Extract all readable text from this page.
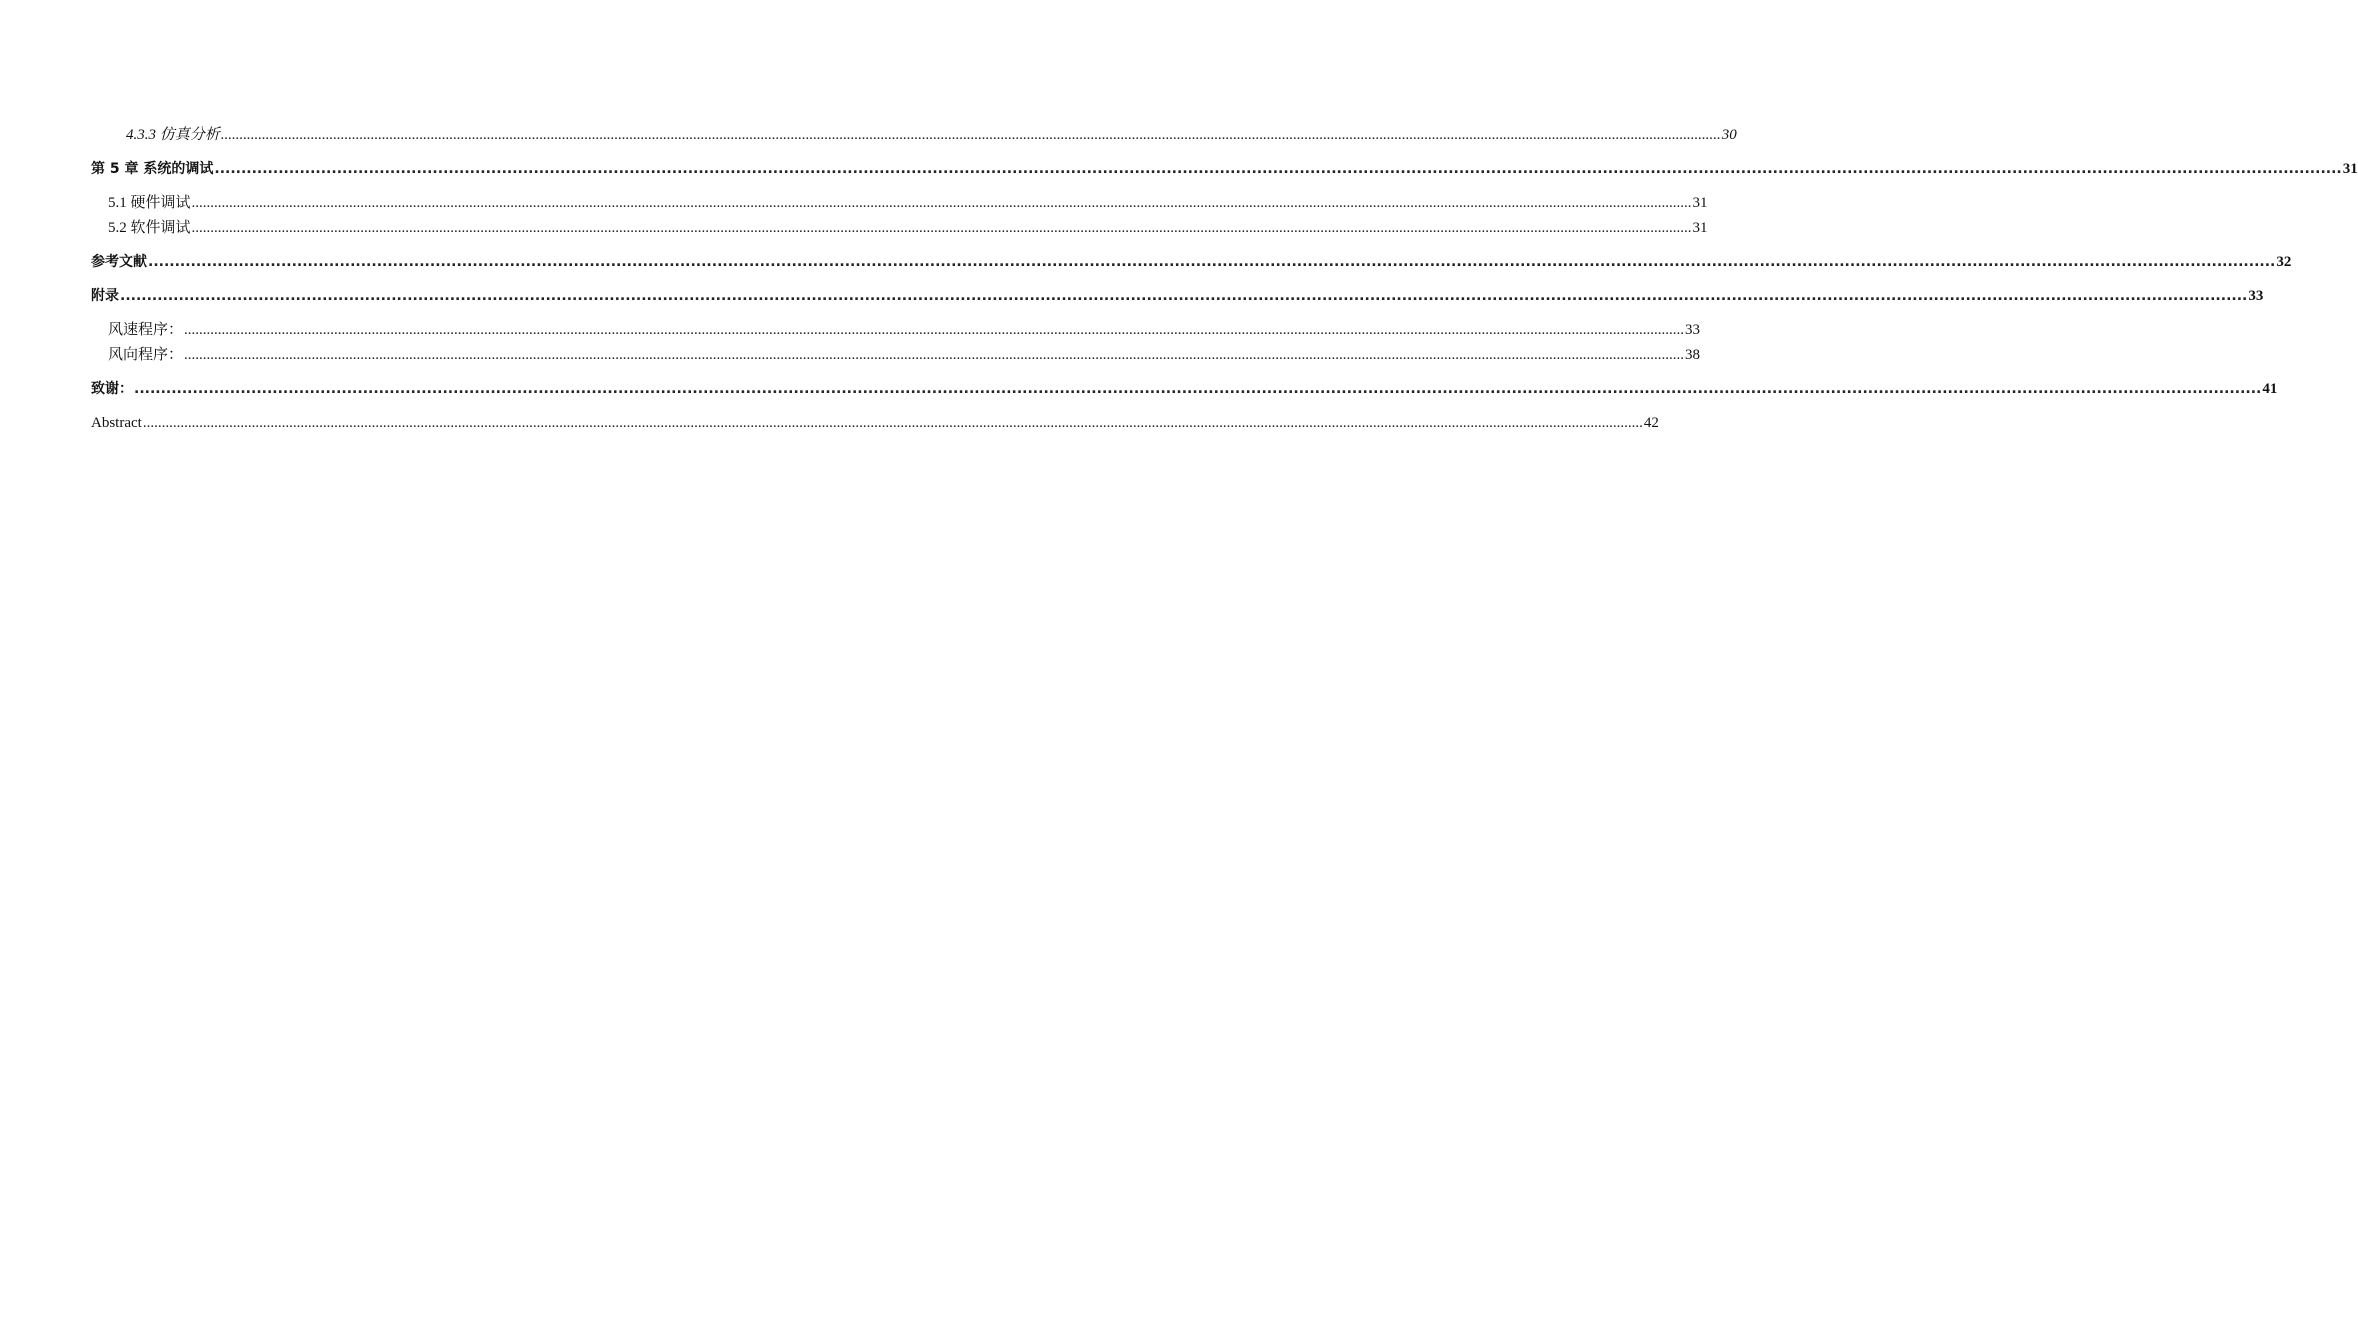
4.3.3 仿真分析 ................................................................................................................................................................................................................................................................................................................................................................................................................ 30
第 5 章 系统的调试 ................................................................................................................................................................................................................................................................................................................................................................................................................ 31
5.1 硬件调试 ................................................................................................................................................................................................................................................................................................................................................................................................................ 31
5.2 软件调试 ................................................................................................................................................................................................................................................................................................................................................................................................................ 31
参考文献 ................................................................................................................................................................................................................................................................................................................................................................................................................ 32
附录 ................................................................................................................................................................................................................................................................................................................................................................................................................ 33
风速程序： ................................................................................................................................................................................................................................................................................................................................................................................................................ 33
风向程序： ................................................................................................................................................................................................................................................................................................................................................................................................................ 38
致谢： ................................................................................................................................................................................................................................................................................................................................................................................................................ 41
Abstract ................................................................................................................................................................................................................................................................................................................................................................................................................ 42
